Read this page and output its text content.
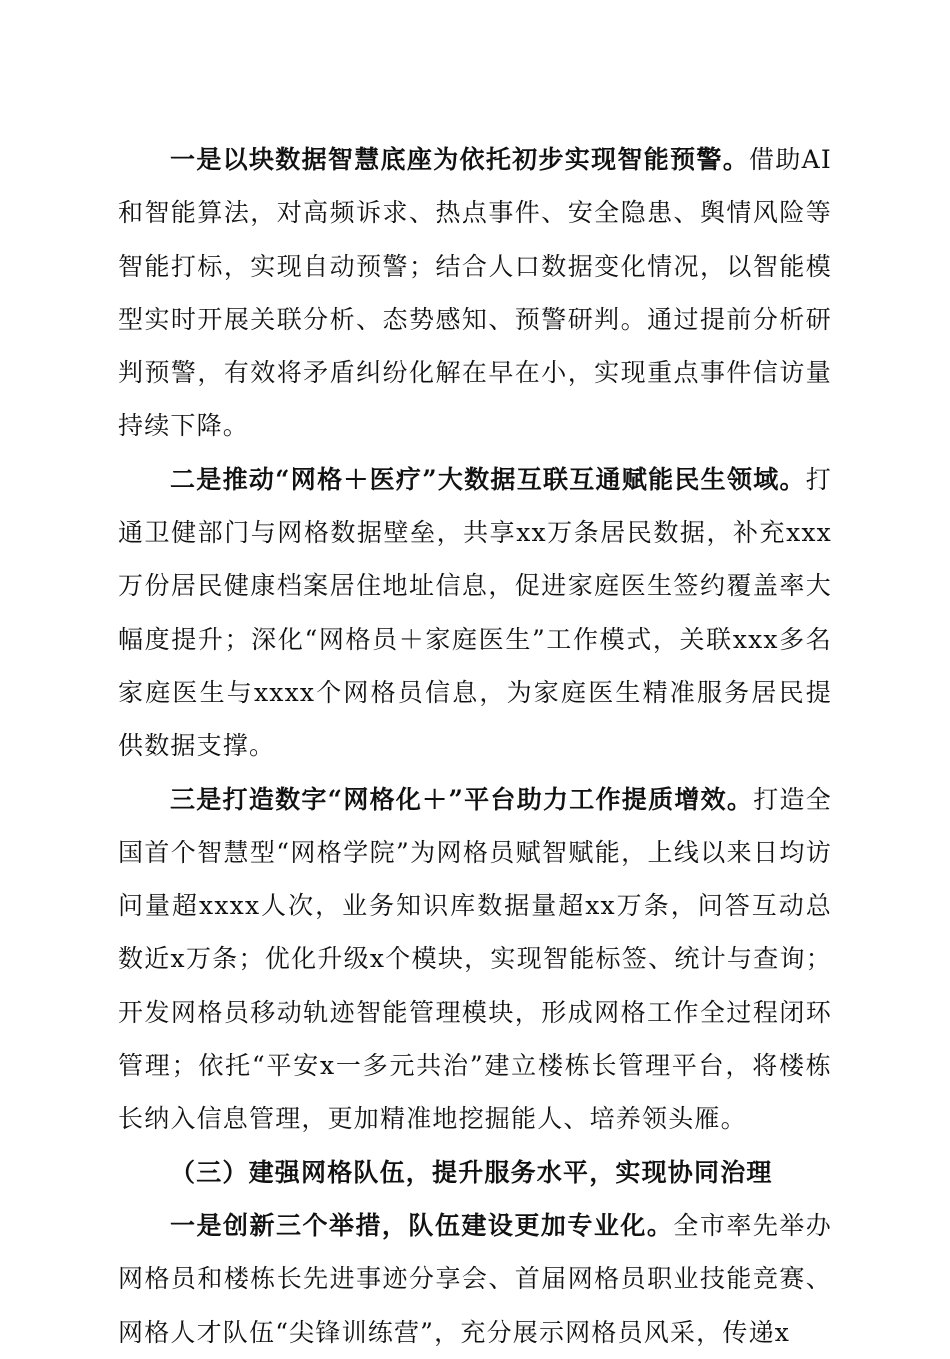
一是以块数据智慧底座为依托初步实现智能预警。借助AI和智能算法，对高频诉求、热点事件、安全隐患、舆情风险等智能打标，实现自动预警；结合人口数据变化情况，以智能模型实时开展关联分析、态势感知、预警研判。通过提前分析研判预警，有效将矛盾纠纷化解在早在小，实现重点事件信访量持续下降。

二是推动“网格＋医疗”大数据互联互通赋能民生领域。打通卫健部门与网格数据壁垒，共享xx万条居民数据，补充xxx万份居民健康档案居住地址信息，促进家庭医生签约覆盖率大幅度提升；深化“网格员＋家庭医生”工作模式，关联xxx多名家庭医生与xxxx个网格员信息，为家庭医生精准服务居民提供数据支撑。

三是打造数字“网格化＋”平台助力工作提质增效。打造全国首个智慧型“网格学院”为网格员赋智赋能，上线以来日均访问量超xxxx人次，业务知识库数据量超xx万条，问答互动总数近x万条；优化升级x个模块，实现智能标签、统计与查询；开发网格员移动轨迹智能管理模块，形成网格工作全过程闭环管理；依托“平安x一多元共治”建立楼栋长管理平台，将楼栋长纳入信息管理，更加精准地挖掘能人、培养领头雁。

（三）建强网格队伍，提升服务水平，实现协同治理

一是创新三个举措，队伍建设更加专业化。全市率先举办网格员和楼栋长先进事迹分享会、首届网格员职业技能竞赛、网格人才队伍“尖锋训练营”，充分展示网格员风采，传递x
